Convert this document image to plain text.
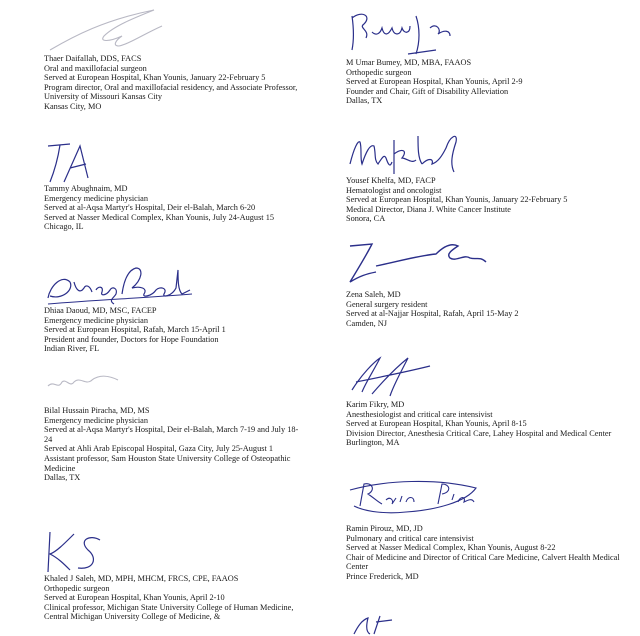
Thaer Daifallah, DDS, FACS
Oral and maxillofacial surgeon
Served at European Hospital, Khan Younis, January 22-February 5
Program director, Oral and maxillofacial residency, and Associate Professor, University of Missouri Kansas City
Kansas City, MO
Tammy Abughnaim, MD
Emergency medicine physician
Served at al-Aqsa Martyr's Hospital, Deir el-Balah, March 6-20
Served at Nasser Medical Complex, Khan Younis, July 24-August 15
Chicago, IL
Dhiaa Daoud, MD, MSC, FACEP
Emergency medicine physician
Served at European Hospital, Rafah, March 15-April 1
President and founder, Doctors for Hope Foundation
Indian River, FL
Bilal Hussain Piracha, MD, MS
Emergency medicine physician
Served at al-Aqsa Martyr's Hospital, Deir el-Balah, March 7-19 and July 18-24
Served at Ahli Arab Episcopal Hospital, Gaza City, July 25-August 1
Assistant professor, Sam Houston State University College of Osteopathic Medicine
Dallas, TX
Khaled J Saleh, MD, MPH, MHCM, FRCS, CPE, FAAOS
Orthopedic surgeon
Served at European Hospital, Khan Younis, April 2-10
Clinical professor, Michigan State University College of Human Medicine, Central Michigan University College of Medicine, &
M Umar Bumey, MD, MBA, FAAOS
Orthopedic surgeon
Served at European Hospital, Khan Younis, April 2-9
Founder and Chair, Gift of Disability Alleviation
Dallas, TX
Yousef Khelfa, MD, FACP
Hematologist and oncologist
Served at European Hospital, Khan Younis, January 22-February 5
Medical Director, Diana J. White Cancer Institute
Sonora, CA
Zena Saleh, MD
General surgery resident
Served at al-Najjar Hospital, Rafah, April 15-May 2
Camden, NJ
Karim Fikry, MD
Anesthesiologist and critical care intensivist
Served at European Hospital, Khan Younis, April 8-15
Division Director, Anesthesia Critical Care, Lahey Hospital and Medical Center
Burlington, MA
Ramin Pirouz, MD, JD
Pulmonary and critical care intensivist
Served at Nasser Medical Complex, Khan Younis, August 8-22
Chair of Medicine and Director of Critical Care Medicine, Calvert Health Medical Center
Prince Frederick, MD
